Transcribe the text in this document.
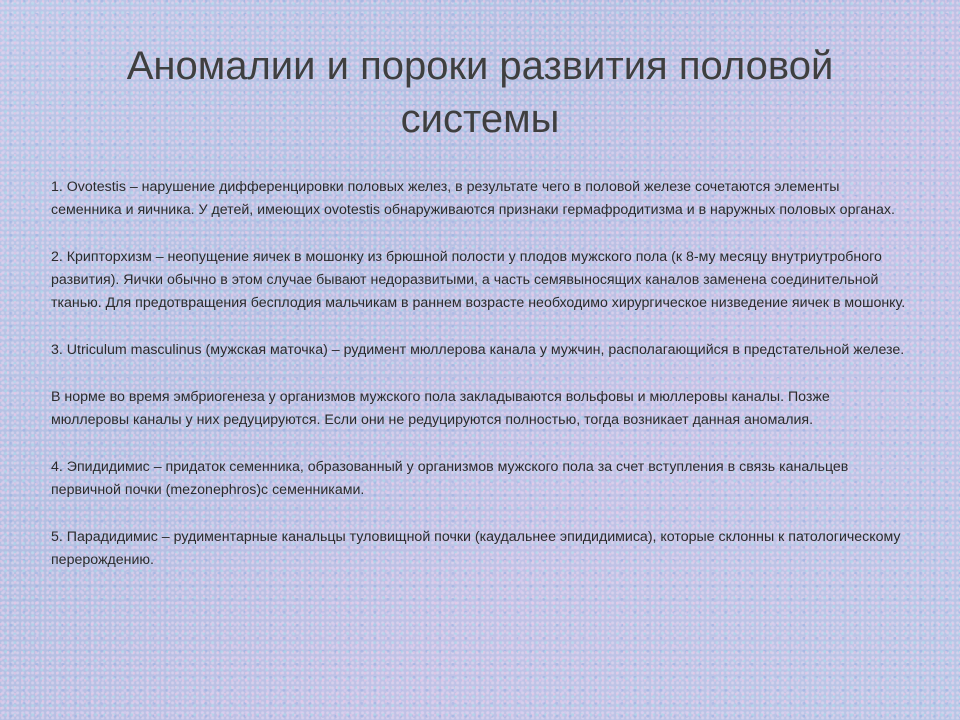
Аномалии и пороки развития половой системы

1. Ovotestis – нарушение дифференцировки половых желез, в результате чего в половой железе сочетаются элементы семенника и яичника. У детей, имеющих ovotestis обнаруживаются признаки гермафродитизма и в наружных половых органах.

2. Крипторхизм – неопущение яичек в мошонку из брюшной полости у плодов мужского пола (к 8-му месяцу внутриутробного развития). Яички обычно в этом случае бывают недоразвитыми, а часть семявыносящих каналов заменена соединительной тканью. Для предотвращения бесплодия мальчикам в раннем возрасте необходимо хирургическое низведение яичек в мошонку.

3. Utriculum masculinus (мужская маточка) – рудимент мюллерова канала у мужчин, располагающийся в предстательной железе.

В норме во время эмбриогенеза у организмов мужского пола закладываются вольфовы и мюллеровы каналы. Позже мюллеровы каналы у них редуцируются. Если они не редуцируются полностью, тогда возникает данная аномалия.

4. Эпидидимис – придаток семенника, образованный у организмов мужского пола за счет вступления в связь канальцев первичной почки (mezonephros)с семенниками.

5. Парадидимис – рудиментарные канальцы туловищной почки (каудальнее эпидидимиса), которые склонны к патологическому перерождению.
